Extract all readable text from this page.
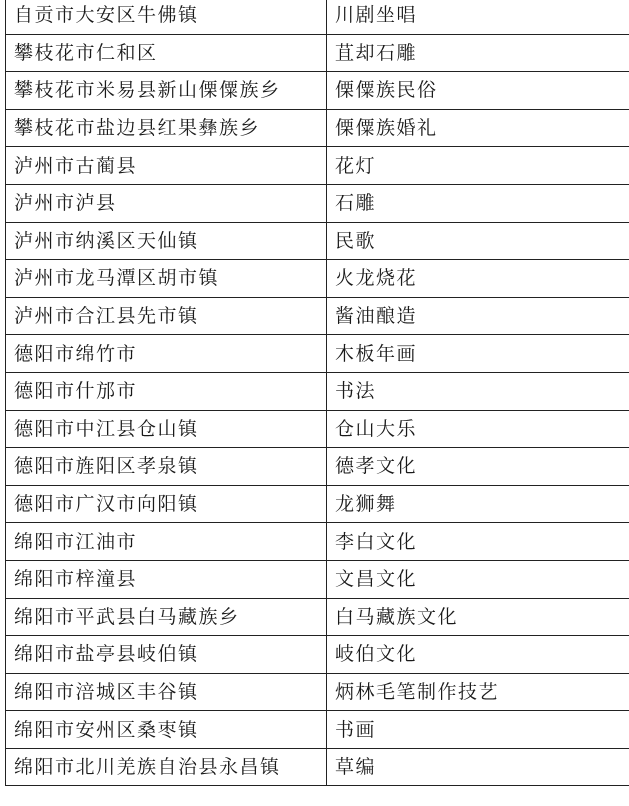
自贡市大安区牛佛镇	川剧坐唱
攀枝花市仁和区	苴却石雕
攀枝花市米易县新山傈僳族乡	傈僳族民俗
攀枝花市盐边县红果彝族乡	傈僳族婚礼
泸州市古蔺县	花灯
泸州市泸县	石雕
泸州市纳溪区天仙镇	民歌
泸州市龙马潭区胡市镇	火龙烧花
泸州市合江县先市镇	酱油酿造
德阳市绵竹市	木板年画
德阳市什邡市	书法
德阳市中江县仓山镇	仓山大乐
德阳市旌阳区孝泉镇	德孝文化
德阳市广汉市向阳镇	龙狮舞
绵阳市江油市	李白文化
绵阳市梓潼县	文昌文化
绵阳市平武县白马藏族乡	白马藏族文化
绵阳市盐亭县岐伯镇	岐伯文化
绵阳市涪城区丰谷镇	炳林毛笔制作技艺
绵阳市安州区桑枣镇	书画
绵阳市北川羌族自治县永昌镇	草编
